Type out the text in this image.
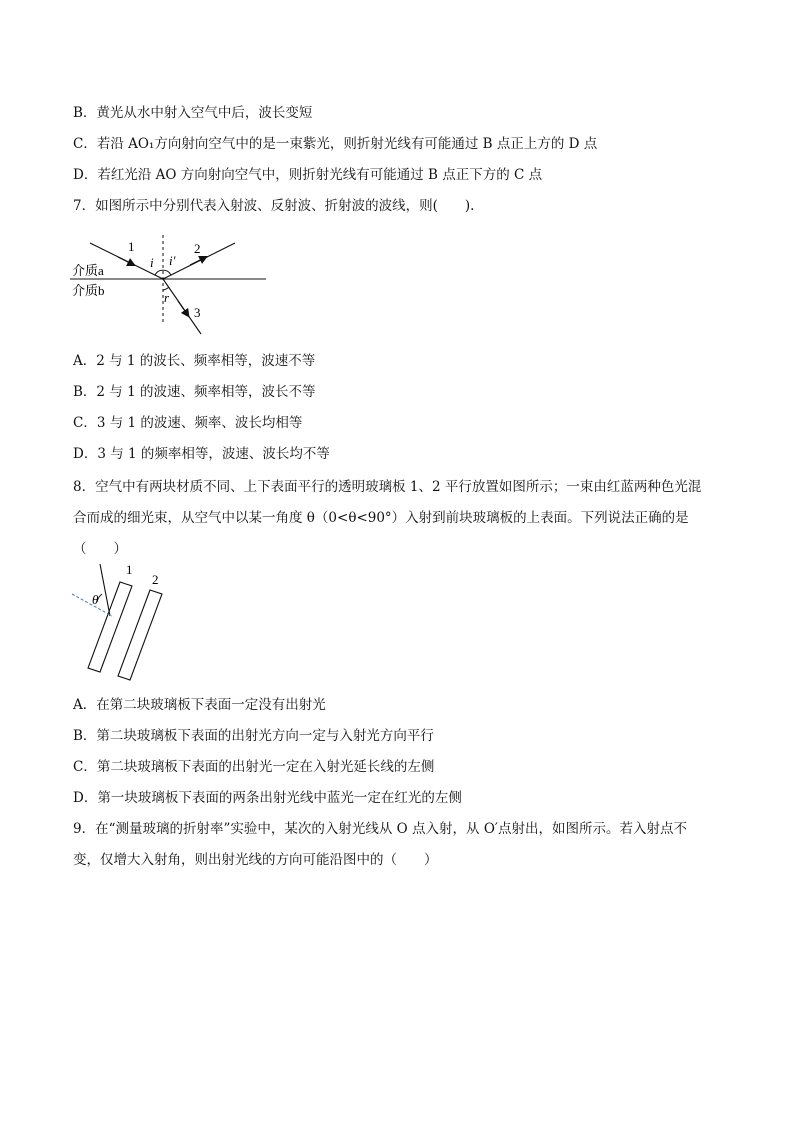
B．黄光从水中射入空气中后，波长变短
C．若沿 AO₁方向射向空气中的是一束紫光，则折射光线有可能通过 B 点正上方的 D 点
D．若红光沿 AO 方向射向空气中，则折射光线有可能通过 B 点正下方的 C 点
7．如图所示中分别代表入射波、反射波、折射波的波线，则(　　).
介质a
介质b
1	2
3
i i′
r
A．2 与 1 的波长、频率相等，波速不等
B．2 与 1 的波速、频率相等，波长不等
C．3 与 1 的波速、频率、波长均相等
D．3 与 1 的频率相等，波速、波长均不等
8．空气中有两块材质不同、上下表面平行的透明玻璃板 1、2 平行放置如图所示；一束由红蓝两种色光混
合而成的细光束，从空气中以某一角度 θ（0<θ<90°）入射到前块玻璃板的上表面。下列说法正确的是
（　　）
θ
1
2
A．在第二块玻璃板下表面一定没有出射光
B．第二块玻璃板下表面的出射光方向一定与入射光方向平行
C．第二块玻璃板下表面的出射光一定在入射光延长线的左侧
D．第一块玻璃板下表面的两条出射光线中蓝光一定在红光的左侧
9．在“测量玻璃的折射率”实验中，某次的入射光线从 O 点入射，从 O′点射出，如图所示。若入射点不
变，仅增大入射角，则出射光线的方向可能沿图中的（　　）
